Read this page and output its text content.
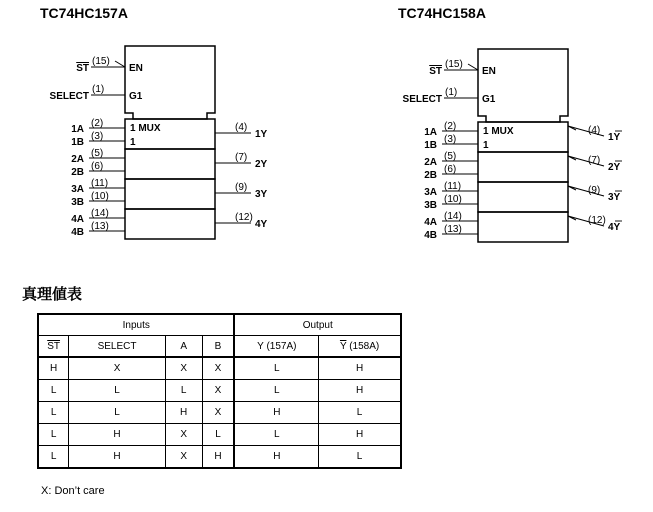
TC74HC157A	TC74HC158A
ST
(15)
EN
SELECT
(1)
G1
1A
(2)
1B
(3)
(4)
1Y
2A
(5)
2B
(6)
(7)
2Y
3A
(11)
3B
(10)
(9)
3Y
4A
(14)
4B
(13)
(12)
4Y
1 MUX
1
ST
(15)
EN
SELECT
(1)
G1
1A
(2)
1B
(3)
(4)
1Y
2A
(5)
2B
(6)
(7)
2Y
3A
(11)
3B
(10)
(9)
3Y
4A
(14)
4B
(13)
(12)
4Y
1 MUX
1
真理値表
Inputs				Output	
$\overline{ST}$	SELECT	A	B	Y (157A)	$\overline{Y}$ (158A)
H	X	X	X	L	H
L	L	L	X	L	H
L	L	H	X	H	L
L	H	X	L	L	H
L	H	X	H	H	L
X: Don’t care
